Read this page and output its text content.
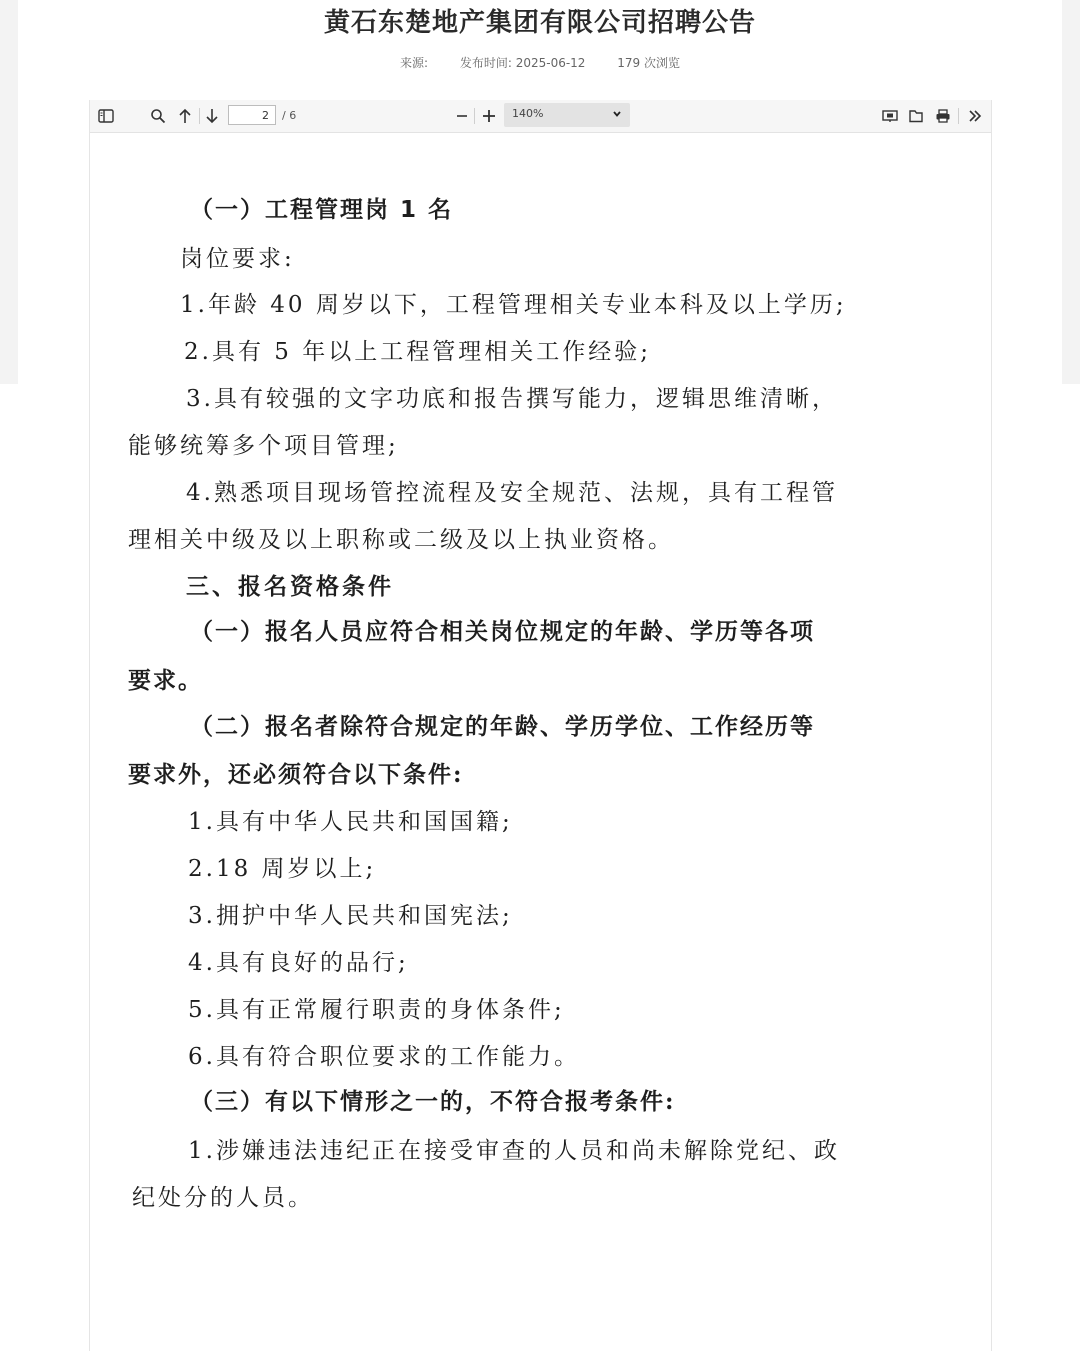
黄石东楚地产集团有限公司招聘公告
来源:	发布时间: 2025-06-12	179 次浏览
2
/ 6	140%
（一）工程管理岗 1 名
岗位要求:
1.年龄 40 周岁以下，工程管理相关专业本科及以上学历;
2.具有 5 年以上工程管理相关工作经验;
3.具有较强的文字功底和报告撰写能力，逻辑思维清晰，
能够统筹多个项目管理;
4.熟悉项目现场管控流程及安全规范、法规，具有工程管
理相关中级及以上职称或二级及以上执业资格。
三、报名资格条件
（一）报名人员应符合相关岗位规定的年龄、学历等各项
要求。
（二）报名者除符合规定的年龄、学历学位、工作经历等
要求外，还必须符合以下条件:
1.具有中华人民共和国国籍;
2.18 周岁以上;
3.拥护中华人民共和国宪法;
4.具有良好的品行;
5.具有正常履行职责的身体条件;
6.具有符合职位要求的工作能力。
（三）有以下情形之一的，不符合报考条件:
1.涉嫌违法违纪正在接受审查的人员和尚未解除党纪、政
纪处分的人员。
